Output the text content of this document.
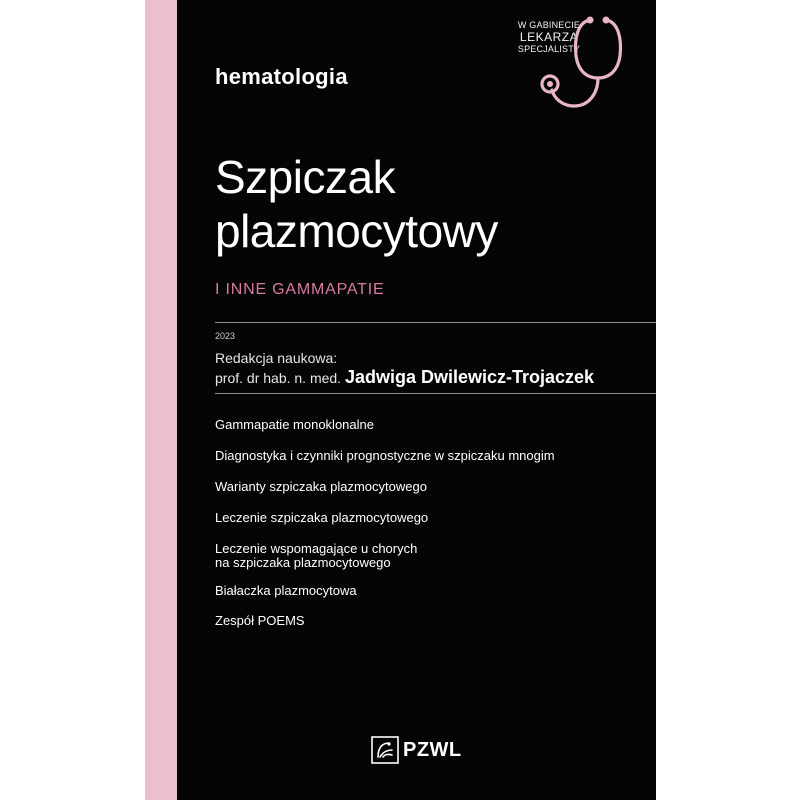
W GABINECIE
LEKARZA
SPECJALISTY
hematologia
Szpiczak
plazmocytowy
I INNE GAMMAPATIE
2023
Redakcja naukowa:
prof. dr hab. n. med. Jadwiga Dwilewicz-Trojaczek
Gammapatie monoklonalne
Diagnostyka i czynniki prognostyczne w szpiczaku mnogim
Warianty szpiczaka plazmocytowego
Leczenie szpiczaka plazmocytowego
Leczenie wspomagające u chorych
na szpiczaka plazmocytowego
Białaczka plazmocytowa
Zespół POEMS
PZWL
